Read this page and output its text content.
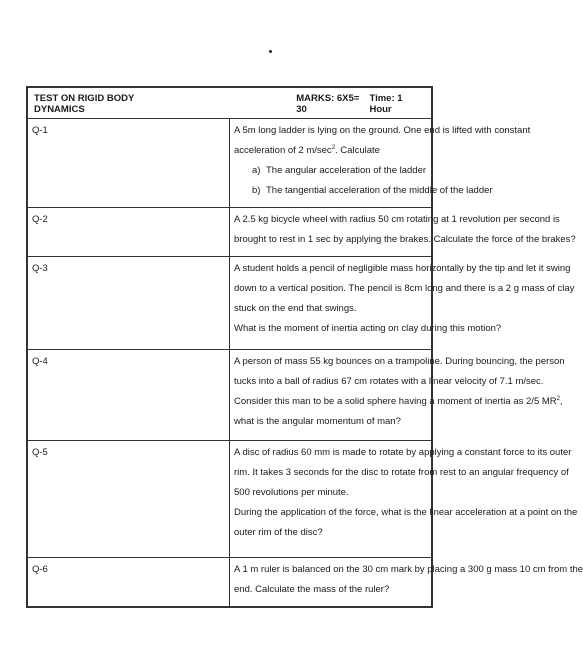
TEST ON RIGID BODY DYNAMICS
MARKS: 6X5= 30
Time: 1 Hour	

Q-1	A 5m long ladder is lying on the ground. One end is lifted with constant
acceleration of 2 $m/\sec^2$. Calculate
a) The angular acceleration of the ladder
b) The tangential acceleration of the middle of the ladder

Q-2	A 2.5 kg bicycle wheel with radius 50 cm rotating at 1 revolution per second is
brought to rest in 1 sec by applying the brakes. Calculate the force of the brakes?

Q-3	A student holds a pencil of negligible mass horizontally by the tip and let it swing
down to a vertical position. The pencil is 8cm long and there is a 2 g mass of clay
stuck on the end that swings.
What is the moment of inertia acting on clay during this motion?

Q-4	A person of mass 55 kg bounces on a trampoline. During bouncing, the person
tucks into a ball of radius 67 cm rotates with a linear velocity of 7.1 m/sec.
Consider this man to be a solid sphere having a moment of inertia as 2/5 $MR^2$,
what is the angular momentum of man?

Q-5	A disc of radius 60 mm is made to rotate by applying a constant force to its outer
rim. It takes 3 seconds for the disc to rotate from rest to an angular frequency of
500 revolutions per minute.
During the application of the force, what is the linear acceleration at a point on the
outer rim of the disc?

Q-6	A 1 m ruler is balanced on the 30 cm mark by placing a 300 g mass 10 cm from the
end. Calculate the mass of the ruler?
